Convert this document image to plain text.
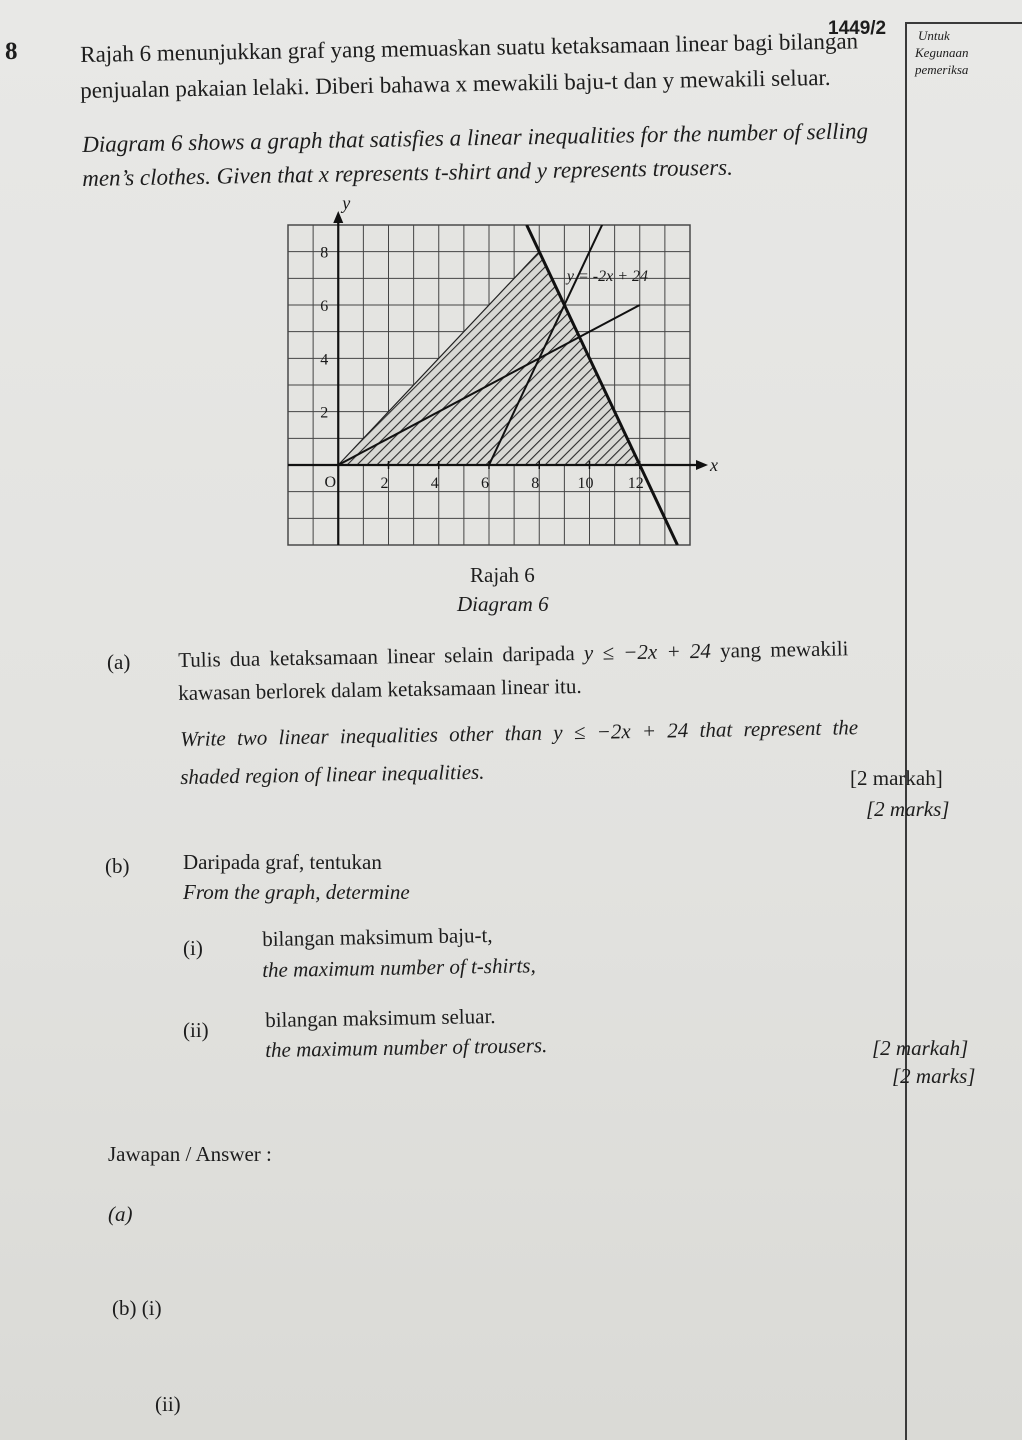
1449/2 Untuk
Kegunaan
pemeriksa
8	Rajah 6 menunjukkan graf yang memuaskan suatu ketaksamaan linear bagi bilangan
penjualan pakaian lelaki. Diberi bahawa x mewakili baju-t dan y mewakili seluar.
Diagram 6 shows a graph that satisfies a linear inequalities for the number of selling
men’s clothes. Given that x represents t-shirt and y represents trousers.
2	4	6	8 10 12
2
4
6
8
O
x
y
y = -2x + 24
Rajah 6
Diagram 6
(a) Tulis dua ketaksamaan linear selain daripada y ≤ −2x + 24 yang mewakili
kawasan berlorek dalam ketaksamaan linear itu.
Write two linear inequalities other than y ≤ −2x + 24 that represent the
shaded region of linear inequalities.	[2 markah]
[2 marks]
(b)	Daripada graf, tentukan
From the graph, determine
(i)	bilangan maksimum baju-t,
the maximum number of t-shirts,
(ii)	bilangan maksimum seluar.
the maximum number of trousers.	[2 markah]
[2 marks]
Jawapan / Answer :
(a)
(b) (i)
(ii)
